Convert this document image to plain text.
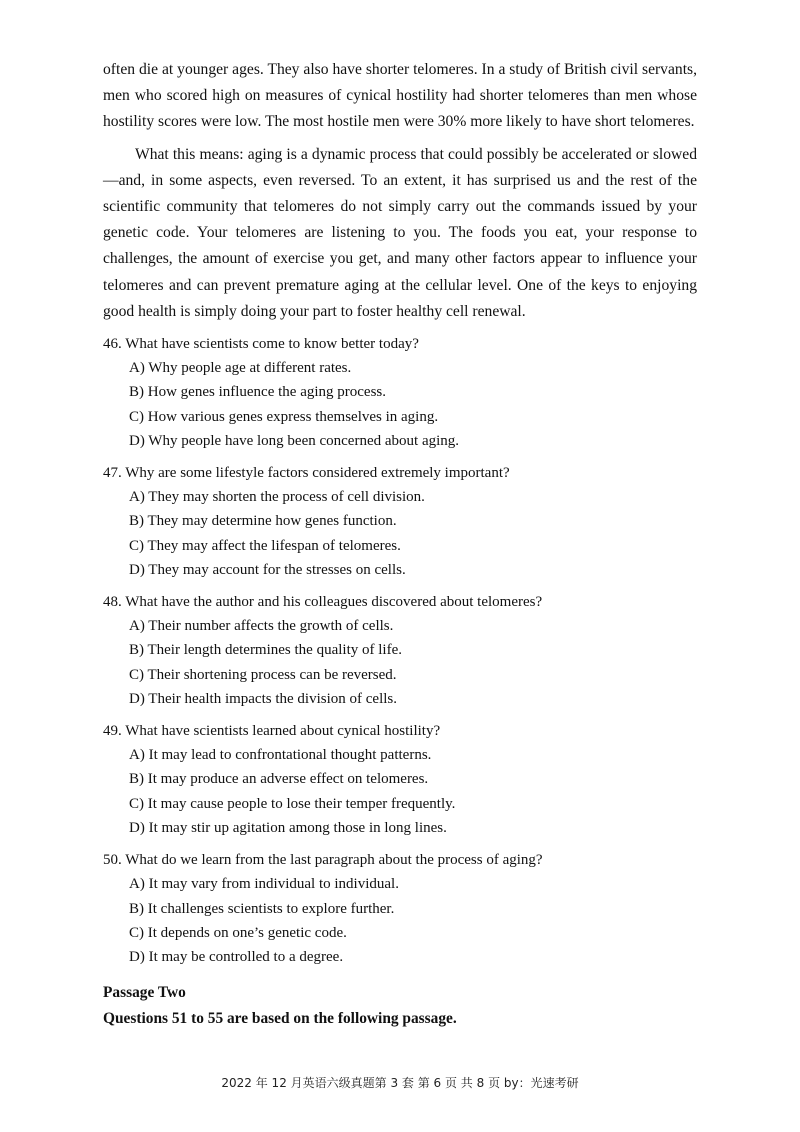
often die at younger ages. They also have shorter telomeres. In a study of British civil servants, men who scored high on measures of cynical hostility had shorter telomeres than men whose hostility scores were low. The most hostile men were 30% more likely to have short telomeres.

What this means: aging is a dynamic process that could possibly be accelerated or slowed—and, in some aspects, even reversed. To an extent, it has surprised us and the rest of the scientific community that telomeres do not simply carry out the commands issued by your genetic code. Your telomeres are listening to you. The foods you eat, your response to challenges, the amount of exercise you get, and many other factors appear to influence your telomeres and can prevent premature aging at the cellular level. One of the keys to enjoying good health is simply doing your part to foster healthy cell renewal.

46. What have scientists come to know better today?

A) Why people age at different rates.
B) How genes influence the aging process.
C) How various genes express themselves in aging.
D) Why people have long been concerned about aging.

47. Why are some lifestyle factors considered extremely important?

A) They may shorten the process of cell division.
B) They may determine how genes function.
C) They may affect the lifespan of telomeres.
D) They may account for the stresses on cells.

48. What have the author and his colleagues discovered about telomeres?

A) Their number affects the growth of cells.
B) Their length determines the quality of life.
C) Their shortening process can be reversed.
D) Their health impacts the division of cells.

49. What have scientists learned about cynical hostility?

A) It may lead to confrontational thought patterns.
B) It may produce an adverse effect on telomeres.
C) It may cause people to lose their temper frequently.
D) It may stir up agitation among those in long lines.

50. What do we learn from the last paragraph about the process of aging?

A) It may vary from individual to individual.
B) It challenges scientists to explore further.
C) It depends on one’s genetic code.
D) It may be controlled to a degree.
Passage Two
Questions 51 to 55 are based on the following passage.
2022 年 12 月英语六级真题第 3 套 第 6 页 共 8 页 by：光速考研
